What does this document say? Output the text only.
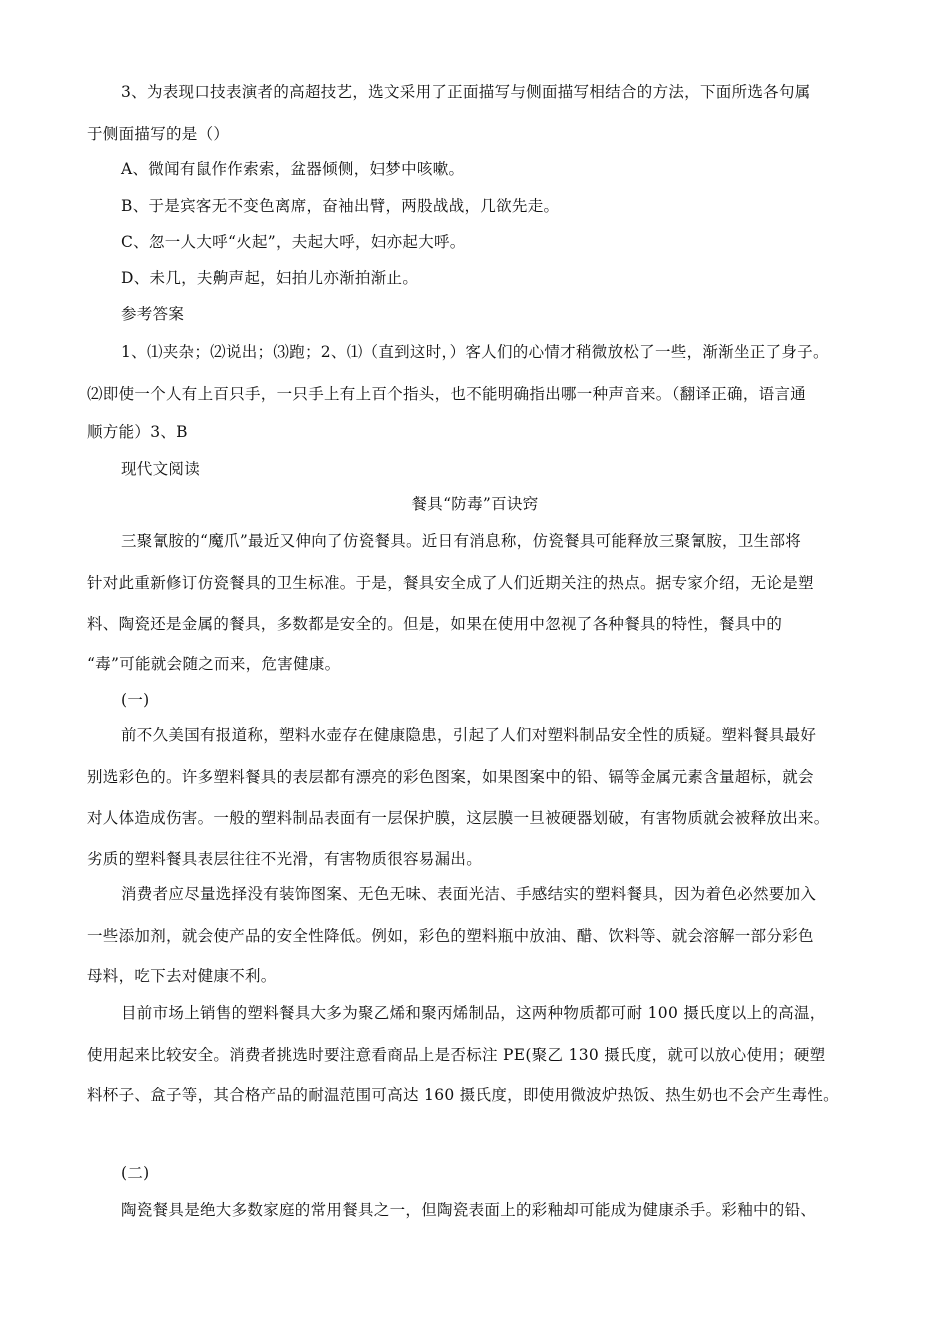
3、为表现口技表演者的高超技艺，选文采用了正面描写与侧面描写相结合的方法，下面所选各句属
于侧面描写的是（）
A、微闻有鼠作作索索，盆器倾侧，妇梦中咳嗽。
B、于是宾客无不变色离席，奋袖出臂，两股战战，几欲先走。
C、忽一人大呼“火起”，夫起大呼，妇亦起大呼。
D、未几，夫齁声起，妇拍儿亦渐拍渐止。
参考答案
1、⑴夹杂；⑵说出；⑶跑；2、⑴（直到这时，）客人们的心情才稍微放松了一些，渐渐坐正了身子。
⑵即使一个人有上百只手，一只手上有上百个指头，也不能明确指出哪一种声音来。（翻译正确，语言通
顺方能）3、B
现代文阅读
餐具“防毒”百诀窍
三聚氰胺的“魔爪”最近又伸向了仿瓷餐具。近日有消息称，仿瓷餐具可能释放三聚氰胺，卫生部将
针对此重新修订仿瓷餐具的卫生标准。于是，餐具安全成了人们近期关注的热点。据专家介绍，无论是塑
料、陶瓷还是金属的餐具，多数都是安全的。但是，如果在使用中忽视了各种餐具的特性，餐具中的
“毒”可能就会随之而来，危害健康。
(一)
前不久美国有报道称，塑料水壶存在健康隐患，引起了人们对塑料制品安全性的质疑。塑料餐具最好
别选彩色的。许多塑料餐具的表层都有漂亮的彩色图案，如果图案中的铅、镉等金属元素含量超标，就会
对人体造成伤害。一般的塑料制品表面有一层保护膜，这层膜一旦被硬器划破，有害物质就会被释放出来。
劣质的塑料餐具表层往往不光滑，有害物质很容易漏出。
消费者应尽量选择没有装饰图案、无色无味、表面光洁、手感结实的塑料餐具，因为着色必然要加入
一些添加剂，就会使产品的安全性降低。例如，彩色的塑料瓶中放油、醋、饮料等、就会溶解一部分彩色
母料，吃下去对健康不利。
目前市场上销售的塑料餐具大多为聚乙烯和聚丙烯制品，这两种物质都可耐 100 摄氏度以上的高温，
使用起来比较安全。消费者挑选时要注意看商品上是否标注 PE(聚乙 130 摄氏度，就可以放心使用；硬塑
料杯子、盒子等，其合格产品的耐温范围可高达 160 摄氏度，即使用微波炉热饭、热生奶也不会产生毒性。
(二)
陶瓷餐具是绝大多数家庭的常用餐具之一，但陶瓷表面上的彩釉却可能成为健康杀手。彩釉中的铅、
